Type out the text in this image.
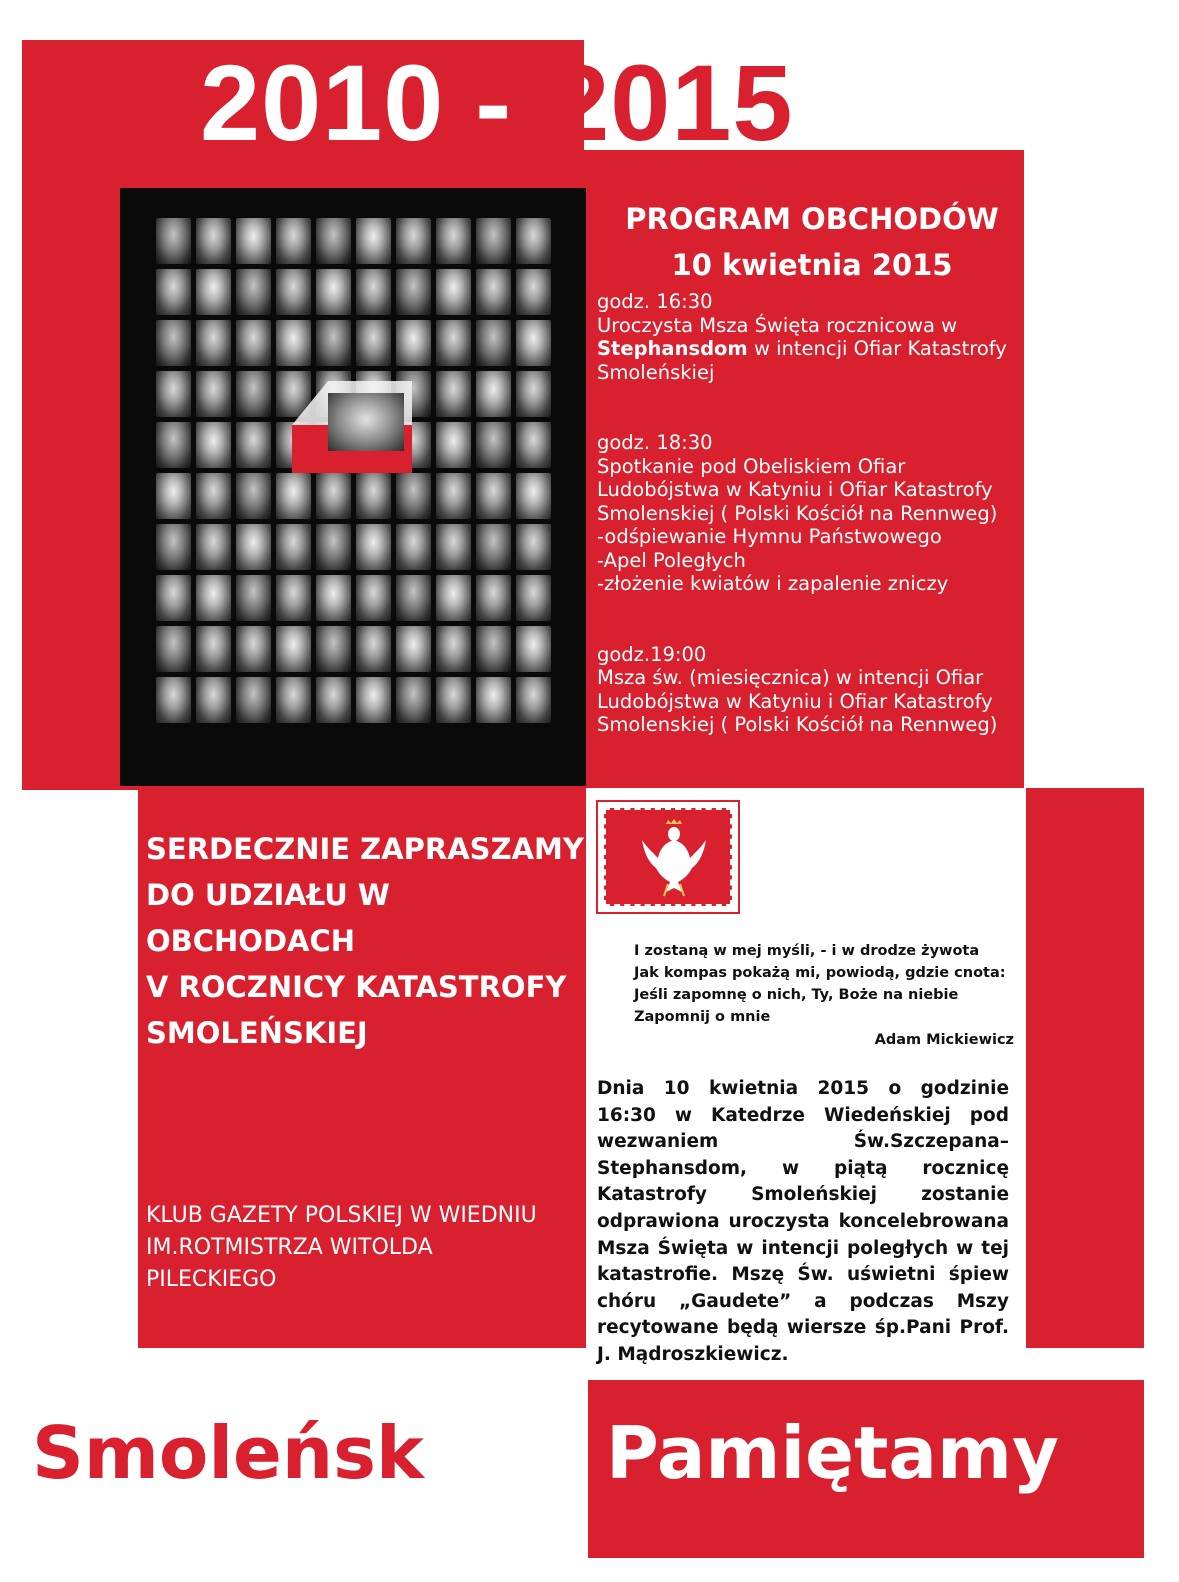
2010 --2015
PROGRAM OBCHODÓW
10 kwietnia 2015
godz. 16:30
Uroczysta Msza Święta rocznicowa w Stephansdom w intencji Ofiar Katastrofy Smoleńskiej
godz. 18:30
Spotkanie pod Obeliskiem Ofiar Ludobójstwa w Katyniu i Ofiar Katastrofy Smolenskiej ( Polski Kościół na Rennweg)
-odśpiewanie Hymnu Państwowego
-Apel Poległych
-złożenie kwiatów i zapalenie zniczy
godz.19:00
Msza św. (miesięcznica) w intencji Ofiar Ludobójstwa w Katyniu i Ofiar Katastrofy Smolenskiej ( Polski Kościół na Rennweg)
SERDECZNIE ZAPRASZAMY
DO UDZIAŁU W
OBCHODACH
V ROCZNICY KATASTROFY
SMOLEŃSKIEJ
KLUB GAZETY POLSKIEJ W WIEDNIU
IM.ROTMISTRZA WITOLDA
PILECKIEGO
I zostaną w mej myśli, - i w drodze żywota
Jak kompas pokażą mi, powiodą, gdzie cnota:
Jeśli zapomnę o nich, Ty, Boże na niebie
Zapomnij o mnie
Adam Mickiewicz

Dnia 10 kwietnia 2015 o godzinie 16:30 w Katedrze Wiedeńskiej pod wezwaniem Św.Szczepana–Stephansdom, w piątą rocznicę Katastrofy Smoleńskiej zostanie odprawiona uroczysta koncelebrowana Msza Święta w intencji poległych w tej katastrofie. Mszę Św. uświetni śpiew chóru „Gaudete” a podczas Mszy recytowane będą wiersze śp.Pani Prof. J. Mądroszkiewicz.

Smoleńsk	Pamiętamy
